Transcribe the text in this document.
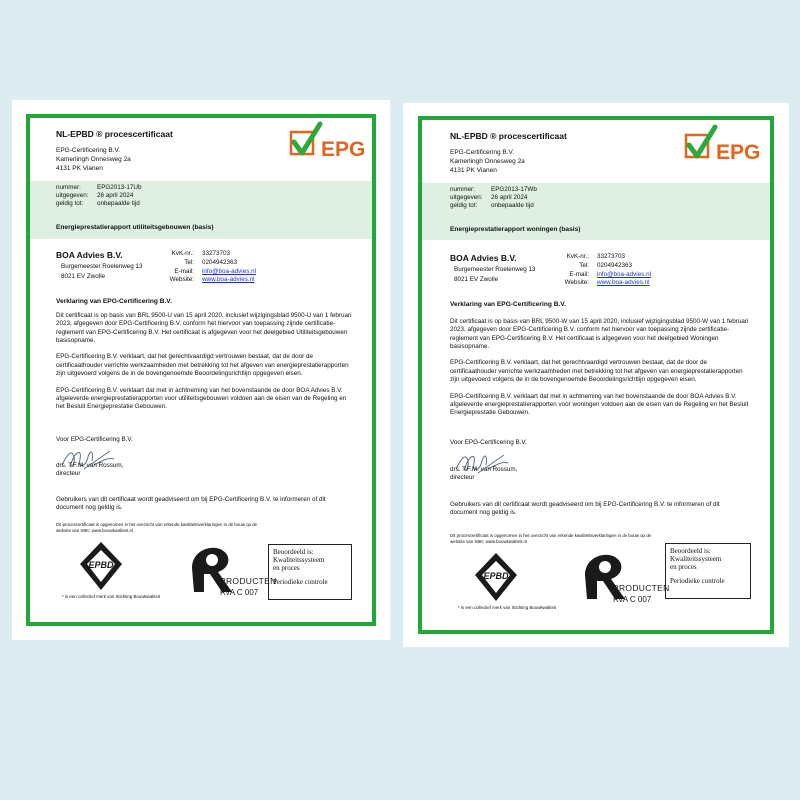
NL-EPBD ® procescertificaat
EPG-Certificering B.V.
Kamerlingh Onnesweg 2a
4131 PK Vianen
EPG
nummer:	EPG2013-17Ub
uitgegeven:	26 april 2024
geldig tot:	onbepaalde tijd
Energieprestatierapport utiliteitsgebouwen (basis)
BOA Advies B.V.
Burgemeester Roelenweg 13
8021 EV Zwolle
KvK-nr.: 33273703
Tel: 0204942363
E-mail: info@boa-advies.nl
Website: www.boa-advies.nl
Verklaring van EPG-Certificering B.V.

Dit certificaat is op basis van BRL 9500-U van 15 april 2020, inclusief wijzigingsblad 9500-U van 1 februari 2023, afgegeven door EPG-Certificering B.V. conform het hiervoor van toepassing zijnde certificatie-reglement van EPG-Certificering B.V. Het certificaat is afgegeven voor het deelgebied Utiliteitsgebouwen basisopname.

EPG-Certificering B.V. verklaart, dat het gerechtvaardigd vertrouwen bestaat, dat de door de certificaathouder verrichte werkzaamheden met betrekking tot het afgeven van energieprestatierapporten zijn uitgevoerd volgens de in de bovengenoemde Beoordelingsrichtlijn opgegeven eisen.

EPG-Certificering B.V. verklaart dat met in achtneming van het bovenstaande de door BOA Advies B.V. afgeleverde energieprestatierapporten voor utiliteitsgebouwen voldoen aan de eisen van de Regeling en het Besluit Energieprestatie Gebouwen.

Voor EPG-Certificering B.V.
drs. T.F.M. van Rossum,
directeur
Gebruikers van dit certificaat wordt geadviseerd om bij EPG-Certificering B.V. te informeren of dit document nog geldig is.
Dit procescertificaat is opgenomen in het overzicht van erkende kwaliteitsverklaringen in de bouw op de
website van SBK: www.bouwkwaliteit.nl
EPBD
* is een collectief merk van Stichting Bouwkwaliteit
PRODUCTEN
RvA C 007
Beoordeeld is:
Kwaliteitssysteem
en proces
Periodieke controle
NL-EPBD ® procescertificaat
EPG-Certificering B.V.
Kamerlingh Onnesweg 2a
4131 PK Vianen
EPG
nummer:	EPG2013-17Wb
uitgegeven:	26 april 2024
geldig tot:	onbepaalde tijd
Energieprestatierapport woningen (basis)
BOA Advies B.V.
Burgemeester Roelenweg 13
8021 EV Zwolle
KvK-nr.: 33273703
Tel: 0204942363
E-mail: info@boa-advies.nl
Website: www.boa-advies.nl
Verklaring van EPG-Certificering B.V.

Dit certificaat is op basis van BRL 9500-W van 15 april 2020, inclusief wijzigingsblad 9500-W van 1 februari 2023, afgegeven door EPG-Certificering B.V. conform het hiervoor van toepassing zijnde certificatie-reglement van EPG-Certificering B.V. Het certificaat is afgegeven voor het deelgebied Woningen basisopname.

EPG-Certificering B.V. verklaart, dat het gerechtvaardigd vertrouwen bestaat, dat de door de certificaathouder verrichte werkzaamheden met betrekking tot het afgeven van energieprestatierapporten zijn uitgevoerd volgens de in de bovengenoemde Beoordelingsrichtlijn opgegeven eisen.

EPG-Certificering B.V. verklaart dat met in achtneming van het bovenstaande de door BOA Advies B.V. afgeleverde energieprestatierapporten voor woningen voldoen aan de eisen van de Regeling en het Besluit Energieprestatie Gebouwen.

Voor EPG-Certificering B.V.
drs. T.F.M. van Rossum,
directeur
Gebruikers van dit certificaat wordt geadviseerd om bij EPG-Certificering B.V. te informeren of dit document nog geldig is.
Dit procescertificaat is opgenomen in het overzicht van erkende kwaliteitsverklaringen in de bouw op de
website van SBK: www.bouwkwaliteit.nl
EPBD
* is een collectief merk van Stichting Bouwkwaliteit
PRODUCTEN
RvA C 007
Beoordeeld is:
Kwaliteitssysteem
en proces
Periodieke controle
